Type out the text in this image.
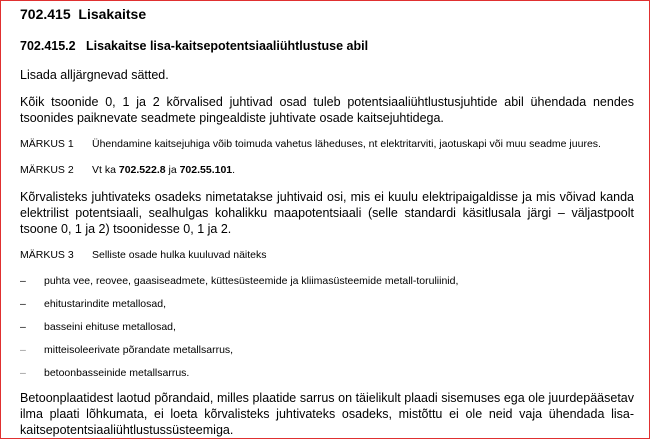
702.415 Lisakaitse
702.415.2 Lisakaitse lisa-kaitsepotentsiaaliühtlustuse abil
Lisada alljärgnevad sätted.
Kõik tsoonide 0, 1 ja 2 kõrvalised juhtivad osad tuleb potentsiaaliühtlustusjuhtide abil ühendada nendes tsoonides paiknevate seadmete pingealdiste juhtivate osade kaitsejuhtidega.
MÄRKUS 1	Ühendamine kaitsejuhiga võib toimuda vahetus läheduses, nt elektritarviti, jaotuskapi või muu seadme juures.
MÄRKUS 2	Vt ka 702.522.8 ja 702.55.101.
Kõrvalisteks juhtivateks osadeks nimetatakse juhtivaid osi, mis ei kuulu elektripaigaldisse ja mis võivad kanda elektrilist potentsiaali, sealhulgas kohalikku maapotentsiaali (selle standardi käsitlusala järgi – väljastpoolt tsoone 0, 1 ja 2) tsoonidesse 0, 1 ja 2.
MÄRKUS 3	Selliste osade hulka kuuluvad näiteks
–	puhta vee, reovee, gaasiseadmete, küttesüsteemide ja kliimasüsteemide metall-toruliinid,
–	ehitustarindite metallosad,
–	basseini ehituse metallosad,
–	mitteisoleerivate põrandate metallsarrus,
–	betoonbasseinide metallsarrus.
Betoonplaatidest laotud põrandaid, milles plaatide sarrus on täielikult plaadi sisemuses ega ole juurdepääsetav ilma plaati lõhkumata, ei loeta kõrvalisteks juhtivateks osadeks, mistõttu ei ole neid vaja ühendada lisa-kaitsepotentsiaaliühtlustussüsteemiga.
